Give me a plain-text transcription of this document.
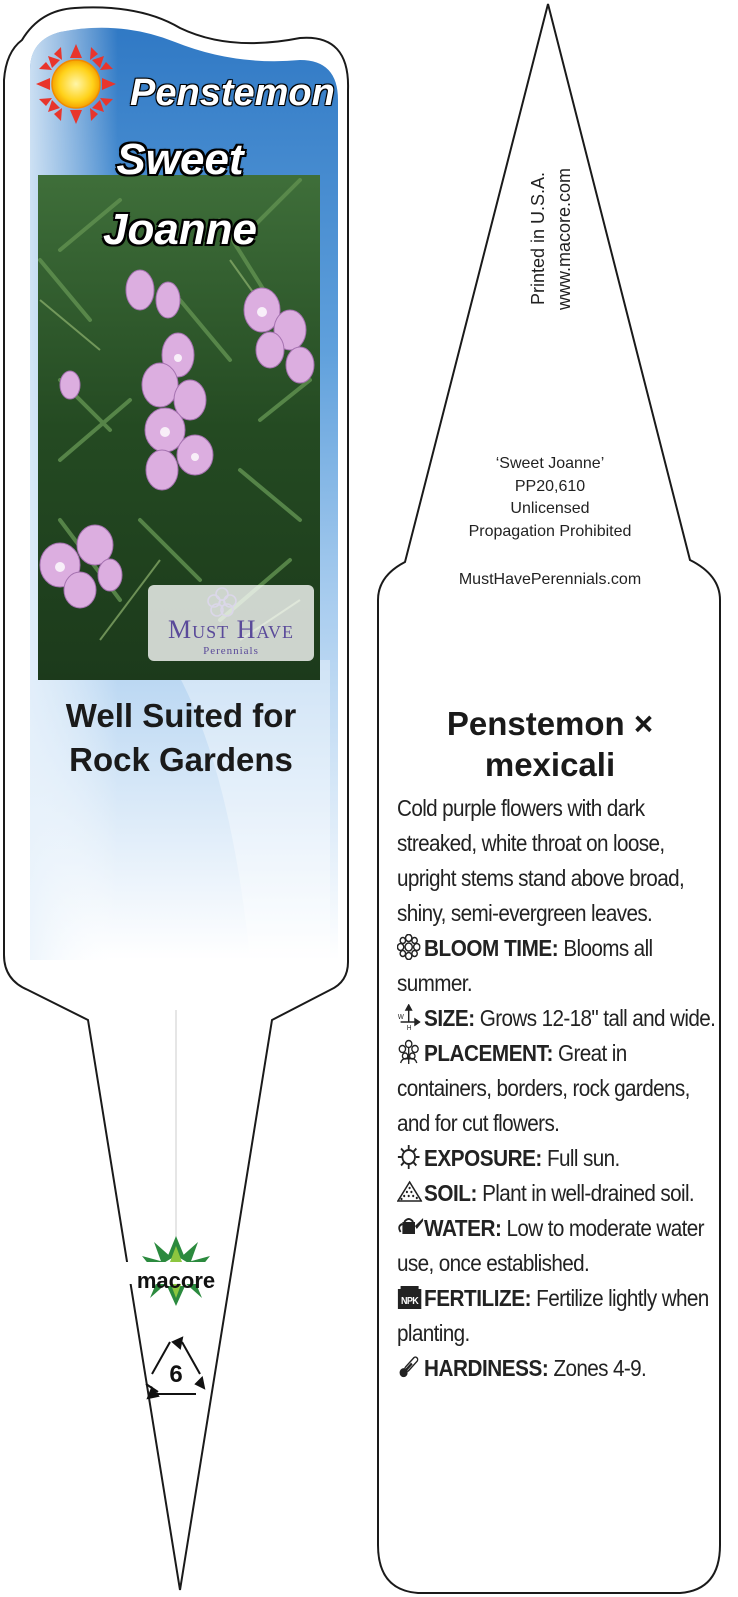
Penstemon
Sweet
Joanne
Must Have
Perennials
Well Suited for
Rock Gardens
macore
6
Printed in U.S.A. www.macore.com
‘Sweet Joanne’
PP20,610
Unlicensed
Propagation Prohibited
MustHavePerennials.com
Penstemon ×
mexicali

Cold purple flowers with dark streaked, white throat on loose, upright stems stand above broad, shiny, semi-evergreen leaves.

BLOOM TIME: Blooms all summer.

W
H SIZE: Grows 12-18" tall and wide.

PLACEMENT: Great in containers, borders, rock gardens, and for cut flowers.

EXPOSURE: Full sun.

SOIL: Plant in well-drained soil.

WATER: Low to moderate water use, once established.

NPK FERTILIZE: Fertilize lightly when planting.

HARDINESS: Zones 4-9.
